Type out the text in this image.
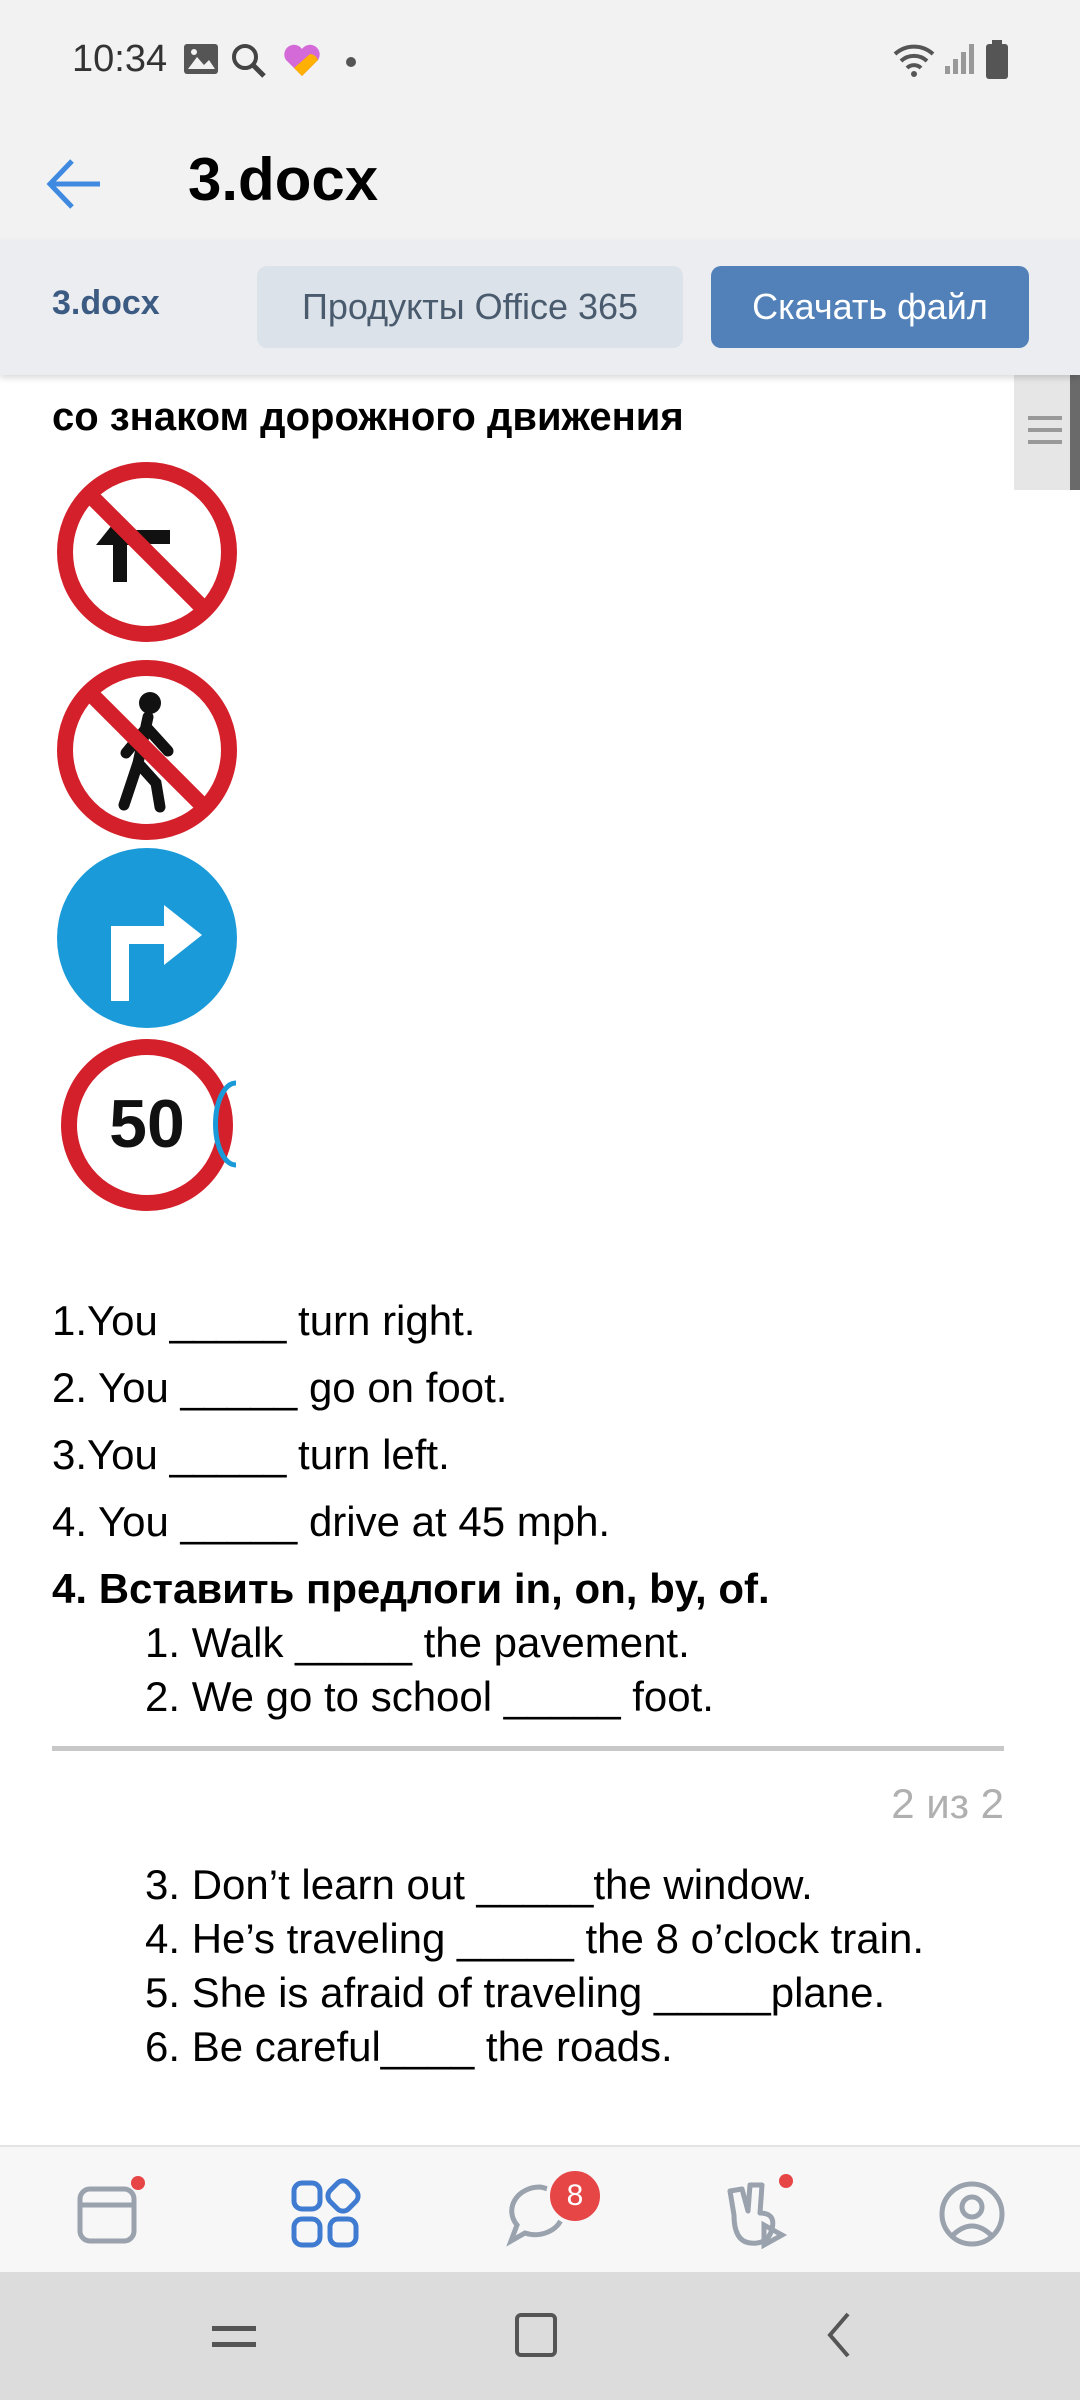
10:34
3.docx
3.docx	Продукты Office 365	Скачать файл
со знаком дорожного движения
50
1.You _____ turn right.
2. You _____ go on foot.
3.You _____ turn left.
4. You _____ drive at 45 mph.
4. Вставить предлоги in, on, by, of.
1. Walk _____ the pavement.
2. We go to school _____ foot.
2 из 2
3. Don’t learn out _____the window.
4. He’s traveling _____ the 8 o’clock train.
5. She is afraid of traveling _____plane.
6. Be careful____ the roads.
8
